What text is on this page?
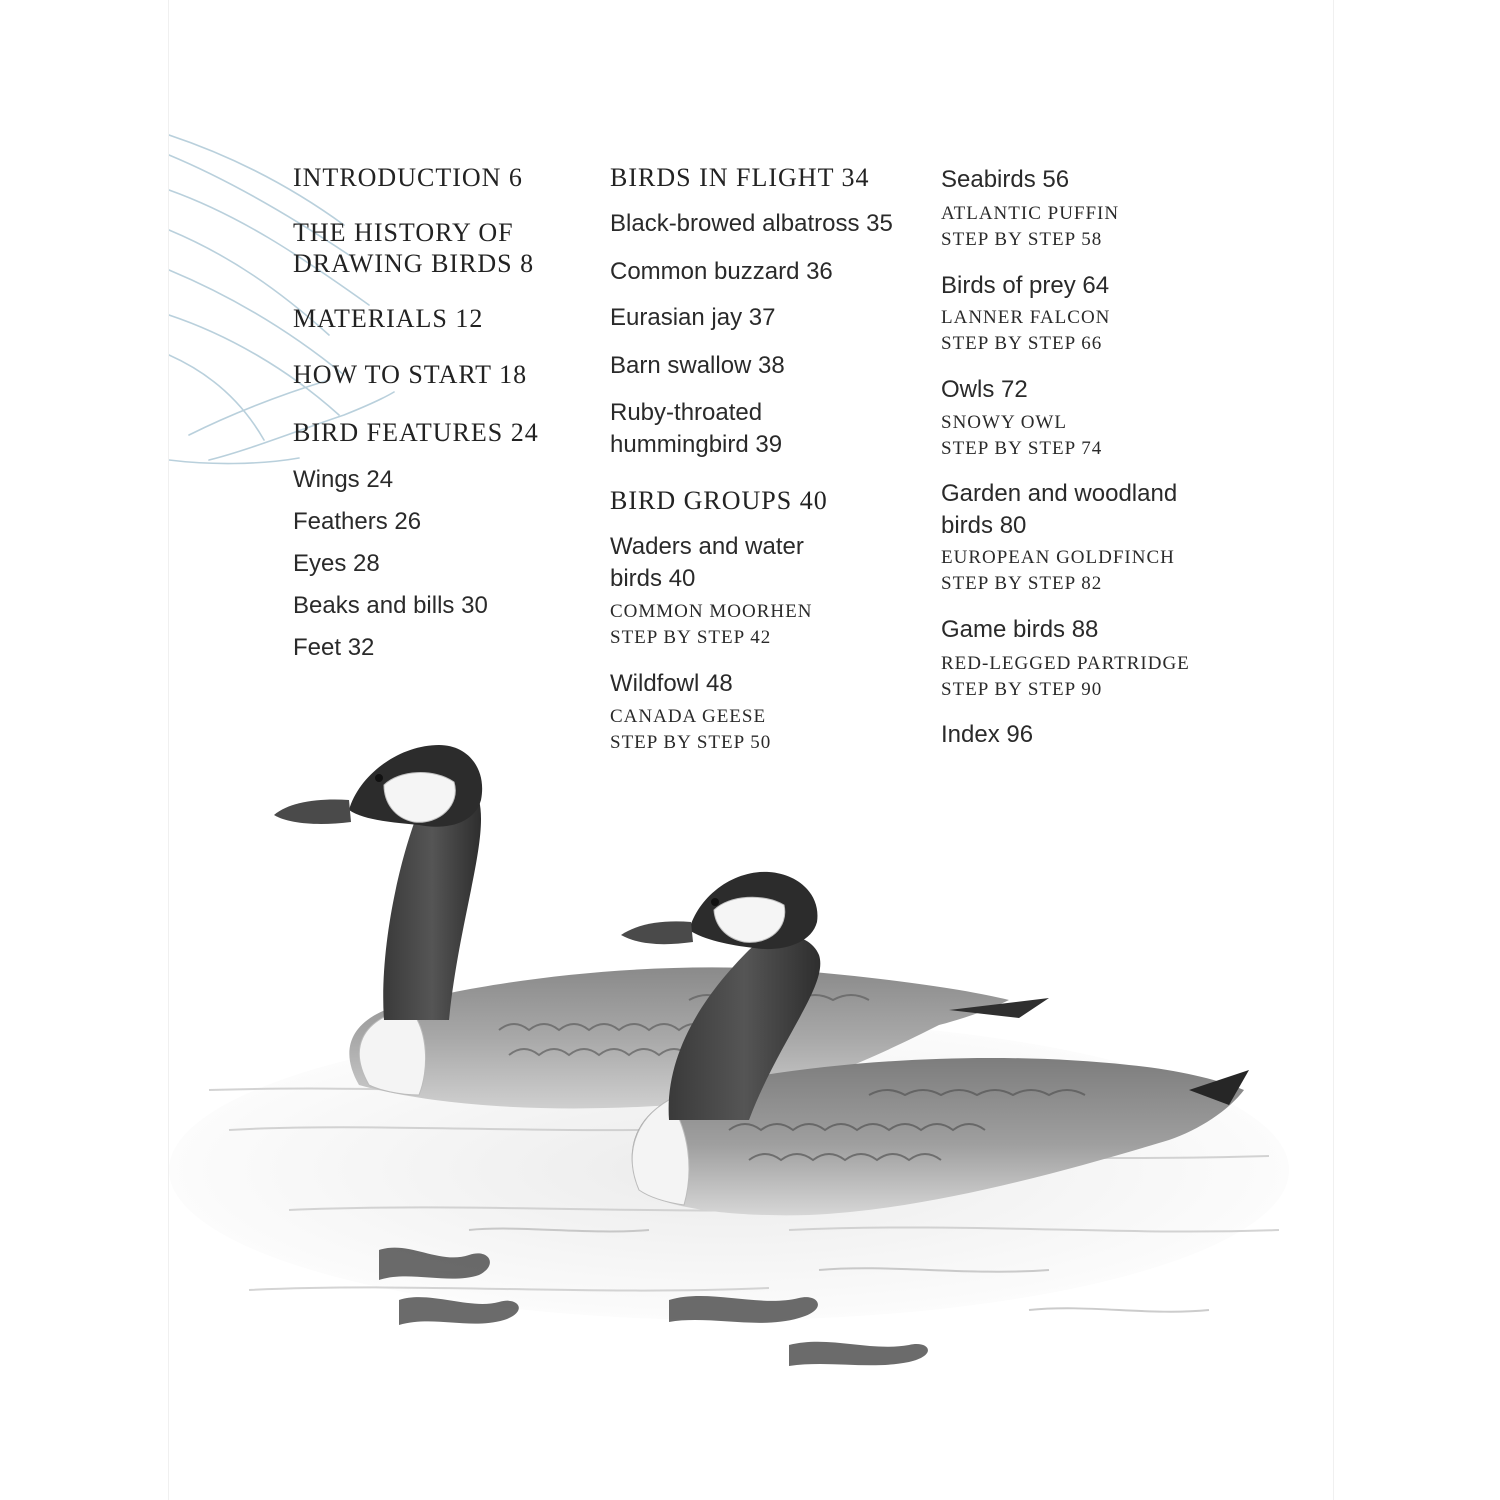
INTRODUCTION 6
THE HISTORY OF
DRAWING BIRDS 8
MATERIALS 12
HOW TO START 18
BIRD FEATURES 24
Wings 24
Feathers 26
Eyes 28
Beaks and bills 30
Feet 32
BIRDS IN FLIGHT 34
Black-browed albatross 35
Common buzzard 36
Eurasian jay 37
Barn swallow 38
Ruby-throated
hummingbird 39
BIRD GROUPS 40
Waders and water
birds 40
COMMON MOORHEN
STEP BY STEP 42
Wildfowl 48
CANADA GEESE
STEP BY STEP 50
Seabirds 56
ATLANTIC PUFFIN
STEP BY STEP 58
Birds of prey 64
LANNER FALCON
STEP BY STEP 66
Owls 72
SNOWY OWL
STEP BY STEP 74
Garden and woodland
birds 80
EUROPEAN GOLDFINCH
STEP BY STEP 82
Game birds 88
RED-LEGGED PARTRIDGE
STEP BY STEP 90
Index 96
